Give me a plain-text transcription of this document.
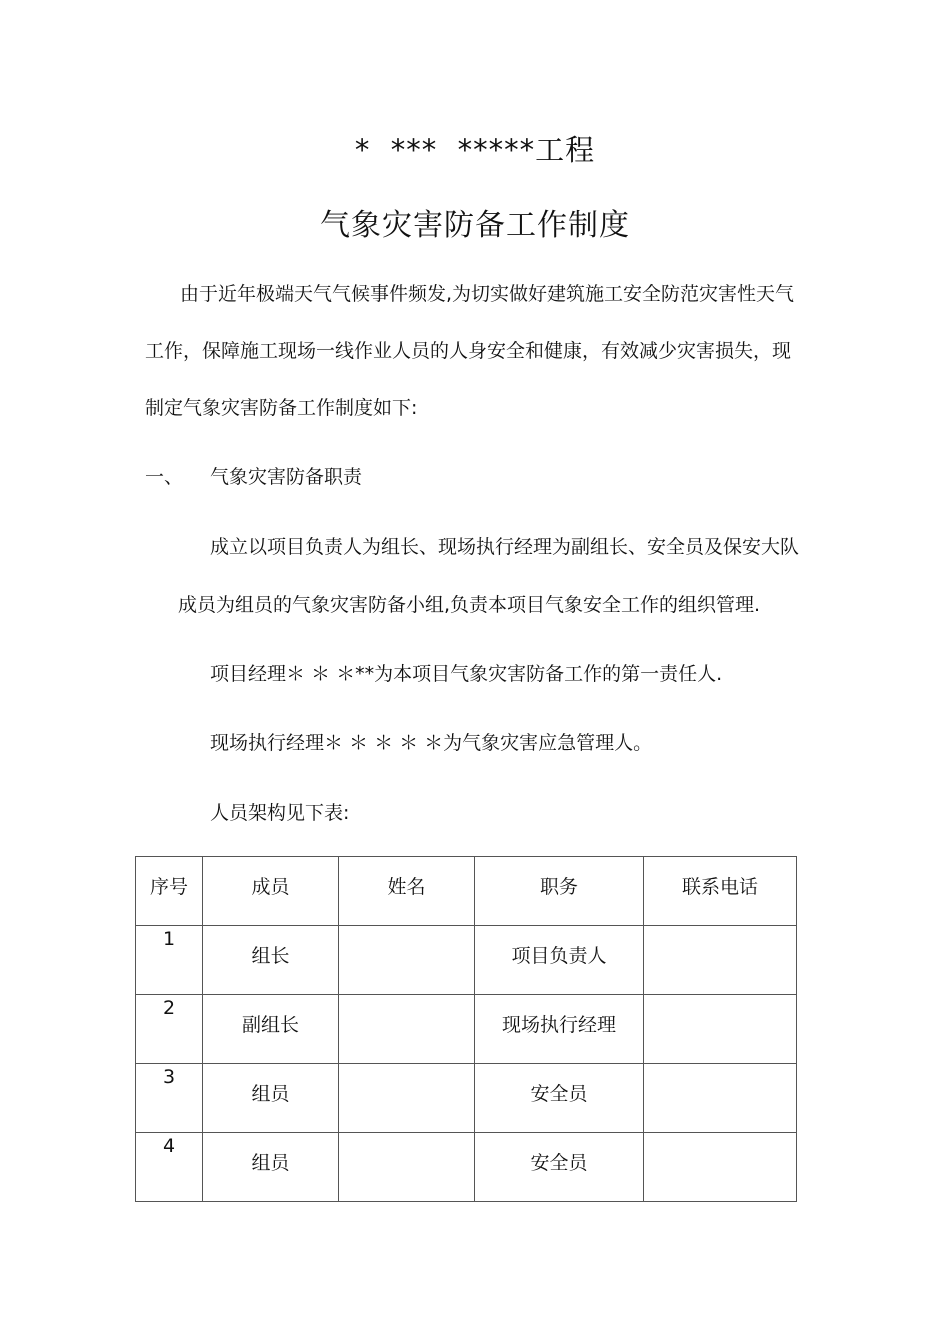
*  ***  *****工程
气象灾害防备工作制度
由于近年极端天气气候事件频发,为切实做好建筑施工安全防范灾害性天气
工作，保障施工现场一线作业人员的人身安全和健康，有效减少灾害损失，现
制定气象灾害防备工作制度如下:
一、 气象灾害防备职责
成立以项目负责人为组长、现场执行经理为副组长、安全员及保安大队
成员为组员的气象灾害防备小组,负责本项目气象安全工作的组织管理.
项目经理＊ ＊ ＊**为本项目气象灾害防备工作的第一责任人.
现场执行经理＊ ＊ ＊ ＊ ＊为气象灾害应急管理人。
人员架构见下表:
序号	成员	姓名	职务	联系电话

1	组长		项目负责人	

2	副组长		现场执行经理	

3	组员		安全员	

4	组员		安全员	
